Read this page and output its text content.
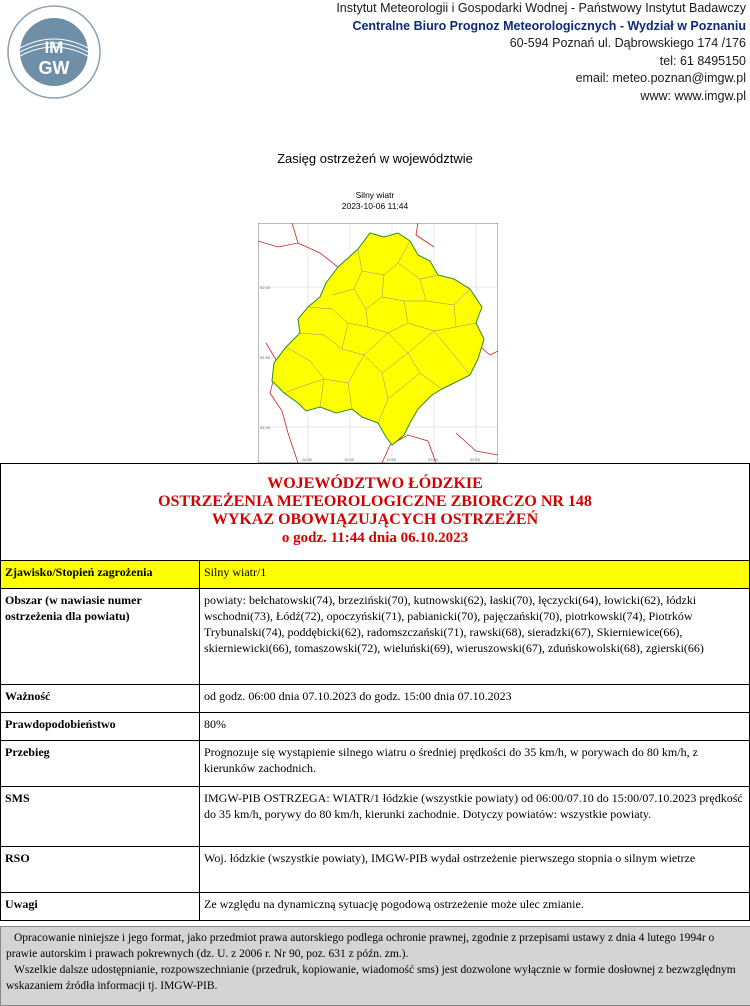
IM
GW
Instytut Meteorologii i Gospodarki Wodnej - Państwowy Instytut Badawczy
Centralne Biuro Prognoz Meteorologicznych - Wydział w Poznaniu
60-594 Poznań ul. Dąbrowskiego 174 /176
tel: 61 8495150
email: meteo.poznan@imgw.pl
www: www.imgw.pl
Zasięg ostrzeżeń w województwie
Silny wiatr
2023-10-06 11:44
52.00
51.50
51.00
18.50	19.00	19.50	20.00	20.50
WOJEWÓDZTWO ŁÓDZKIE
OSTRZEŻENIA METEOROLOGICZNE ZBIORCZO NR 148
WYKAZ OBOWIĄZUJĄCYCH OSTRZEŻEŃ
o godz. 11:44 dnia 06.10.2023
Zjawisko/Stopień zagrożenia	Silny wiatr/1
Obszar (w nawiasie numer ostrzeżenia dla powiatu)	powiaty: bełchatowski(74), brzeziński(70), kutnowski(62), łaski(70), łęczycki(64), łowicki(62), łódzki wschodni(73), Łódź(72), opoczyński(71), pabianicki(70), pajęczański(70), piotrkowski(74), Piotrków Trybunalski(74), poddębicki(62), radomszczański(71), rawski(68), sieradzki(67), Skierniewice(66), skierniewicki(66), tomaszowski(72), wieluński(69), wieruszowski(67), zduńskowolski(68), zgierski(66)
Ważność	od godz. 06:00 dnia 07.10.2023 do godz. 15:00 dnia 07.10.2023
Prawdopodobieństwo	80%
Przebieg	Prognozuje się wystąpienie silnego wiatru o średniej prędkości do 35 km/h, w porywach do 80 km/h, z kierunków zachodnich.
SMS	IMGW-PIB OSTRZEGA: WIATR/1 łódzkie (wszystkie powiaty) od 06:00/07.10 do 15:00/07.10.2023 prędkość do 35 km/h, porywy do 80 km/h, kierunki zachodnie. Dotyczy powiatów: wszystkie powiaty.
RSO	Woj. łódzkie (wszystkie powiaty), IMGW-PIB wydał ostrzeżenie pierwszego stopnia o silnym wietrze
Uwagi	Ze względu na dynamiczną sytuację pogodową ostrzeżenie może ulec zmianie.
Opracowanie niniejsze i jego format, jako przedmiot prawa autorskiego podlega ochronie prawnej, zgodnie z przepisami ustawy z dnia 4 lutego 1994r o prawie autorskim i prawach pokrewnych (dz. U. z 2006 r. Nr 90, poz. 631 z późn. zm.).
Wszelkie dalsze udostępnianie, rozpowszechnianie (przedruk, kopiowanie, wiadomość sms) jest dozwolone wyłącznie w formie dosłownej z bezwzględnym wskazaniem źródła informacji tj. IMGW-PIB.
